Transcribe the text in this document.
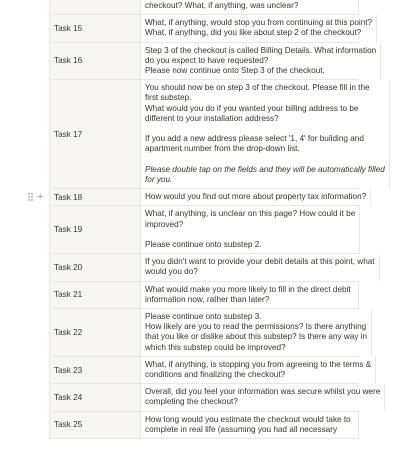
+
checkout? What, if anything, was unclear?
Task 15
What, if anything, would stop you from continuing at this point?
What, if anything, did you like about step 2 of the checkout?
Task 16
Step 3 of the checkout is called Billing Details. What information
do you expect to have requested?
Please now continue onto Step 3 of the checkout.
Task 17
You should now be on step 3 of the checkout. Please fill in the
first substep.
What would you do if you wanted your billing address to be
different to your installation address?
If you add a new address please select '1, 4' for building and
apartment number from the drop-down list.
Please double tap on the fields and they will be automatically filled
for you.
Task 18	How would you find out more about property tax information?
Task 19
What, if anything, is unclear on this page? How could it be
improved?
Please continue onto substep 2.
Task 20
If you didn't want to provide your debit details at this point, what
would you do?
Task 21
What would make you more likely to fill in the direct debit
information now, rather than later?
Task 22
Please continue onto substep 3.
How likely are you to read the permissions? Is there anything
that you like or dislike about this substep? Is there any way in
which this substep could be improved?
Task 23
What, if anything, is stopping you from agreeing to the terms &
conditions and finalizing the checkout?
Task 24
Overall, did you feel your information was secure whilst you were
completing the checkout?
Task 25
How long would you estimate the checkout would take to
complete in real life (assuming you had all necessary
